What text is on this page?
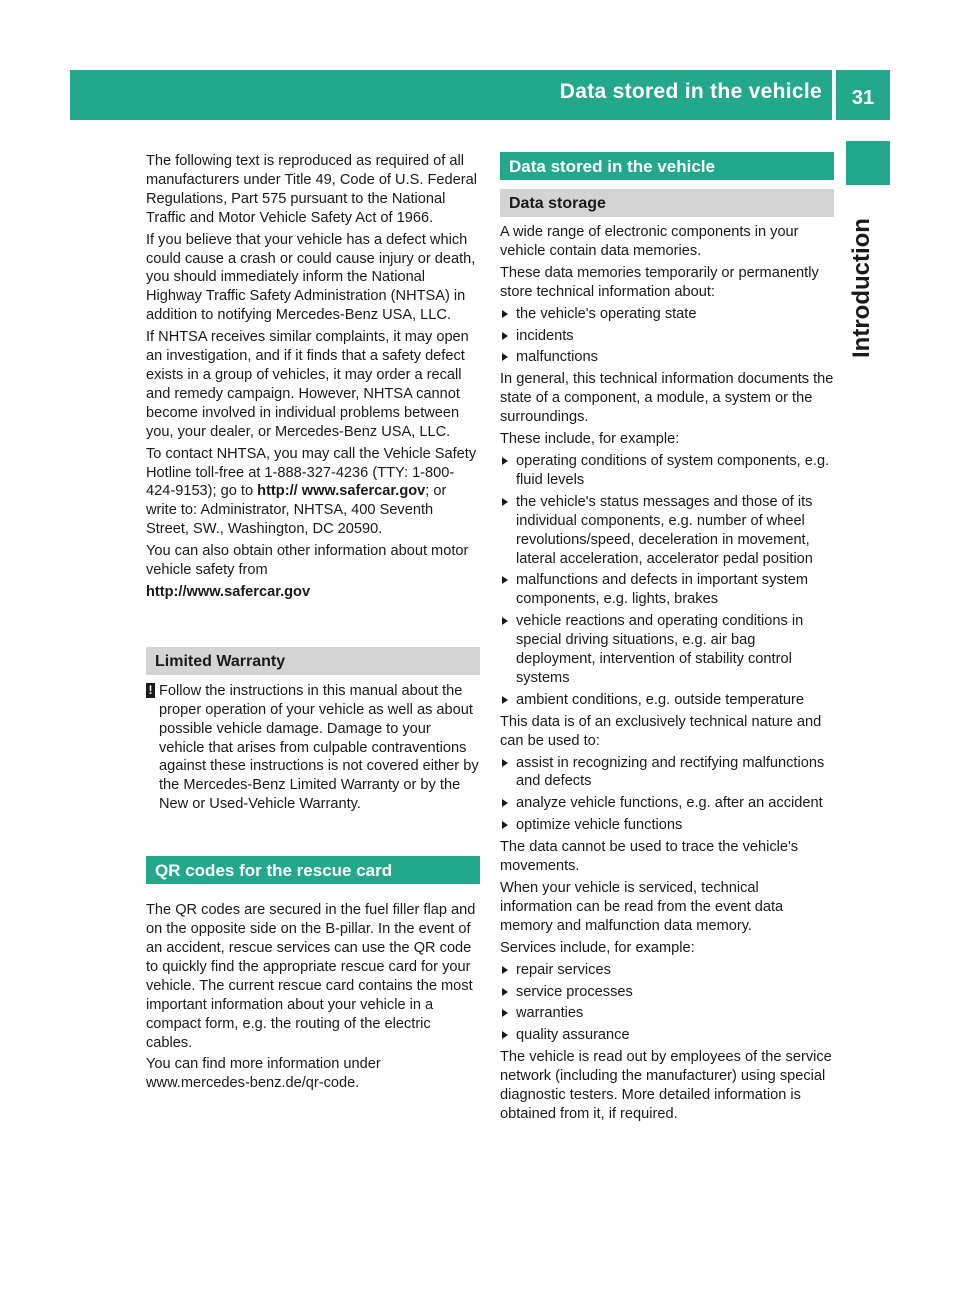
Data stored in the vehicle	31
Introduction

The following text is reproduced as required of all manufacturers under Title 49, Code of U.S. Federal Regulations, Part 575 pursuant to the National Traffic and Motor Vehicle Safety Act of 1966.

If you believe that your vehicle has a defect which could cause a crash or could cause injury or death, you should immediately inform the National Highway Traffic Safety Administration (NHTSA) in addition to notifying Mercedes-Benz USA, LLC.

If NHTSA receives similar complaints, it may open an investigation, and if it finds that a safety defect exists in a group of vehicles, it may order a recall and remedy campaign. However, NHTSA cannot become involved in individual problems between you, your dealer, or Mercedes-Benz USA, LLC.

To contact NHTSA, you may call the Vehicle Safety Hotline toll-free at 1-888-327-4236 (TTY: 1-800-424-9153); go to http:// www.safercar.gov; or write to: Administrator, NHTSA, 400 Seventh Street, SW., Washington, DC 20590.

You can also obtain other information about motor vehicle safety from

http://www.safercar.gov

Limited Warranty

! Follow the instructions in this manual about the proper operation of your vehicle as well as about possible vehicle damage. Damage to your vehicle that arises from culpable contraventions against these instructions is not covered either by the Mercedes-Benz Limited Warranty or by the New or Used-Vehicle Warranty.

QR codes for the rescue card

The QR codes are secured in the fuel filler flap and on the opposite side on the B-pillar. In the event of an accident, rescue services can use the QR code to quickly find the appropriate rescue card for your vehicle. The current rescue card contains the most important information about your vehicle in a compact form, e.g. the routing of the electric cables.

You can find more information under www.mercedes-benz.de/qr-code.

Data stored in the vehicle
Data storage

A wide range of electronic components in your vehicle contain data memories.

These data memories temporarily or permanently store technical information about:

the vehicle's operating state
incidents
malfunctions

In general, this technical information documents the state of a component, a module, a system or the surroundings.

These include, for example:

operating conditions of system components, e.g. fluid levels
the vehicle's status messages and those of its individual components, e.g. number of wheel revolutions/speed, deceleration in movement, lateral acceleration, accelerator pedal position
malfunctions and defects in important system components, e.g. lights, brakes
vehicle reactions and operating conditions in special driving situations, e.g. air bag deployment, intervention of stability control systems
ambient conditions, e.g. outside temperature

This data is of an exclusively technical nature and can be used to:

assist in recognizing and rectifying malfunctions and defects
analyze vehicle functions, e.g. after an accident
optimize vehicle functions

The data cannot be used to trace the vehicle's movements.

When your vehicle is serviced, technical information can be read from the event data memory and malfunction data memory.

Services include, for example:

repair services
service processes
warranties
quality assurance

The vehicle is read out by employees of the service network (including the manufacturer) using special diagnostic testers. More detailed information is obtained from it, if required.
